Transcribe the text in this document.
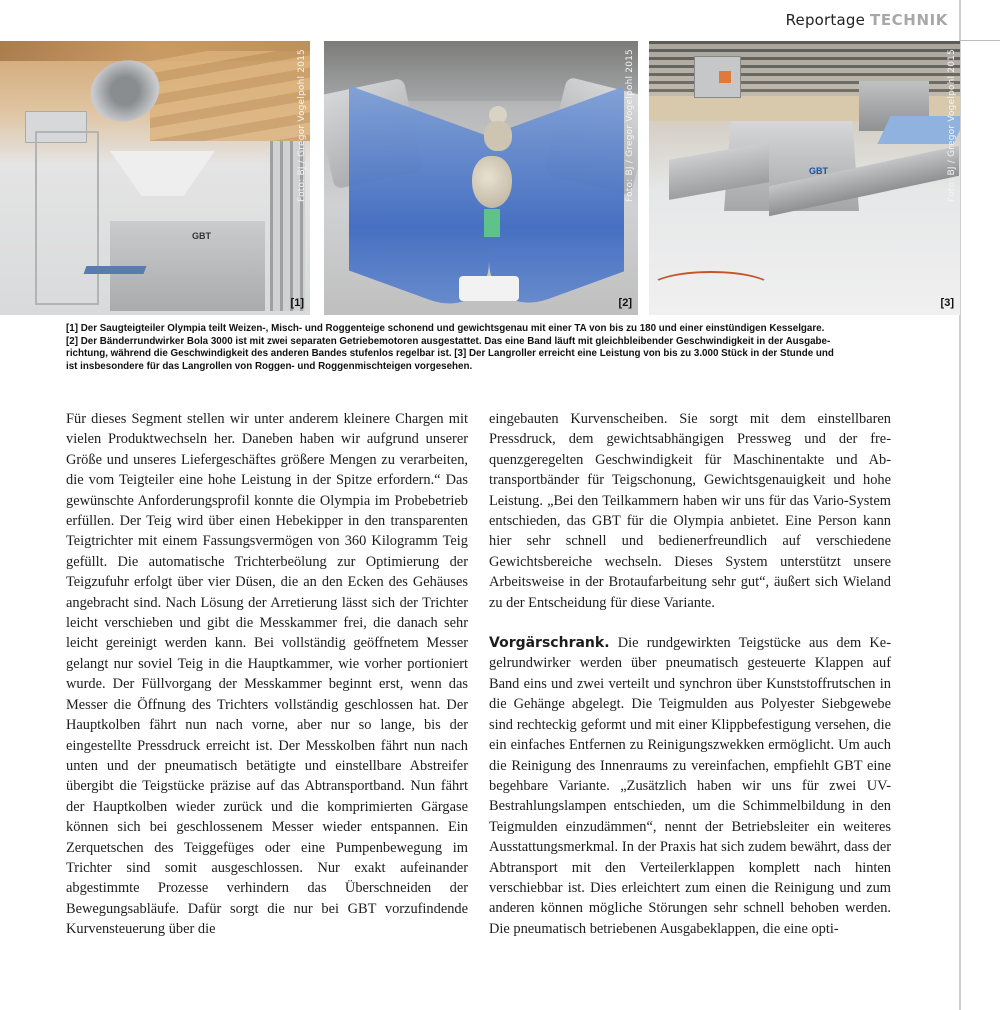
Reportage TECHNIK
GBT
Foto: BJ / Gregor Vogelpohl 2015
[1]
Foto: BJ / Gregor Vogelpohl 2015
[2]
GBT	Foto: BJ / Gregor Vogelpohl 2015
[3]
[1] Der Saugteigteiler Olympia teilt Weizen-, Misch- und Roggenteige schonend und gewichtsgenau mit einer TA von bis zu 180 und einer einstündigen Kesselgare.
[2] Der Bänderrundwirker Bola 3000 ist mit zwei separaten Getriebemotoren ausgestattet. Das eine Band läuft mit gleichbleibender Geschwindigkeit in der Ausgabe-
richtung, während die Geschwindigkeit des anderen Bandes stufenlos regelbar ist. [3] Der Langroller erreicht eine Leistung von bis zu 3.000 Stück in der Stunde und
ist insbesondere für das Langrollen von Roggen- und Roggenmischteigen vorgesehen.

Für dieses Segment stellen wir unter anderem kleinere Chargen mit vielen Produktwechseln her. Daneben haben wir aufgrund unserer Größe und unseres Liefergeschäftes größere Mengen zu verarbeiten, die vom Teigteiler eine hohe Leistung in der Spitze erfordern.“ Das gewünschte Anforderungsprofil konnte die Olympia im Probebetrieb erfüllen. Der Teig wird über einen Hebekipper in den transparenten Teigtrichter mit einem Fassungsvermögen von 360 Kilogramm Teig gefüllt. Die automatische Trichterbeölung zur Optimierung der Teigzufuhr erfolgt über vier Düsen, die an den Ecken des Gehäuses angebracht sind. Nach Lösung der Arretierung lässt sich der Trichter leicht verschieben und gibt die Messkammer frei, die danach sehr leicht gereinigt werden kann. Bei vollständig geöffnetem Messer gelangt nur soviel Teig in die Hauptkammer, wie vorher portioniert wurde. Der Füllvorgang der Messkammer beginnt erst, wenn das Messer die Öffnung des Trichters vollständig geschlossen hat. Der Hauptkolben fährt nun nach vorne, aber nur so lange, bis der eingestellte Pressdruck erreicht ist. Der Messkolben fährt nun nach unten und der pneumatisch betätigte und einstellbare Abstreifer übergibt die Teigstücke präzise auf das Abtransportband. Nun fährt der Hauptkolben wieder zurück und die komprimierten Gärgase können sich bei geschlossenem Messer wieder entspannen. Ein Zerquetschen des Teiggefüges oder eine Pumpenbewegung im Trichter sind somit ausgeschlossen. Nur exakt aufeinander abgestimmte Prozesse verhindern das Überschneiden der Bewegungsabläufe. Dafür sorgt die nur bei GBT vorzufindende Kurvensteuerung über die

eingebauten Kurvenscheiben. Sie sorgt mit dem einstellbaren Pressdruck, dem gewichtsabhängigen Pressweg und der frequenzgeregelten Geschwindigkeit für Maschinentakte und Abtransportbänder für Teigschonung, Gewichtsgenauigkeit und hohe Leistung. „Bei den Teilkammern haben wir uns für das Vario-System entschieden, das GBT für die Olympia anbietet. Eine Person kann hier sehr schnell und bedienerfreundlich auf verschiedene Gewichtsbereiche wechseln. Dieses System unterstützt unsere Arbeitsweise in der Brotaufarbeitung sehr gut“, äußert sich Wieland zu der Entscheidung für diese Variante.

Vorgärschrank. Die rundgewirkten Teigstücke aus dem Kegelrundwirker werden über pneumatisch gesteuerte Klappen auf Band eins und zwei verteilt und synchron über Kunststoffrutschen in die Gehänge abgelegt. Die Teigmulden aus Polyester Siebgewebe sind rechteckig geformt und mit einer Klippbefestigung versehen, die ein einfaches Entfernen zu Reinigungszwekken ermöglicht. Um auch die Reinigung des Innenraums zu vereinfachen, empfiehlt GBT eine begehbare Variante. „Zusätzlich haben wir uns für zwei UV-Bestrahlungslampen entschieden, um die Schimmelbildung in den Teigmulden einzudämmen“, nennt der Betriebsleiter ein weiteres Ausstattungsmerkmal. In der Praxis hat sich zudem bewährt, dass der Abtransport mit den Verteilerklappen komplett nach hinten verschiebbar ist. Dies erleichtert zum einen die Reinigung und zum anderen können mögliche Störungen sehr schnell behoben werden. Die pneumatisch betriebenen Ausgabeklappen, die eine opti-
